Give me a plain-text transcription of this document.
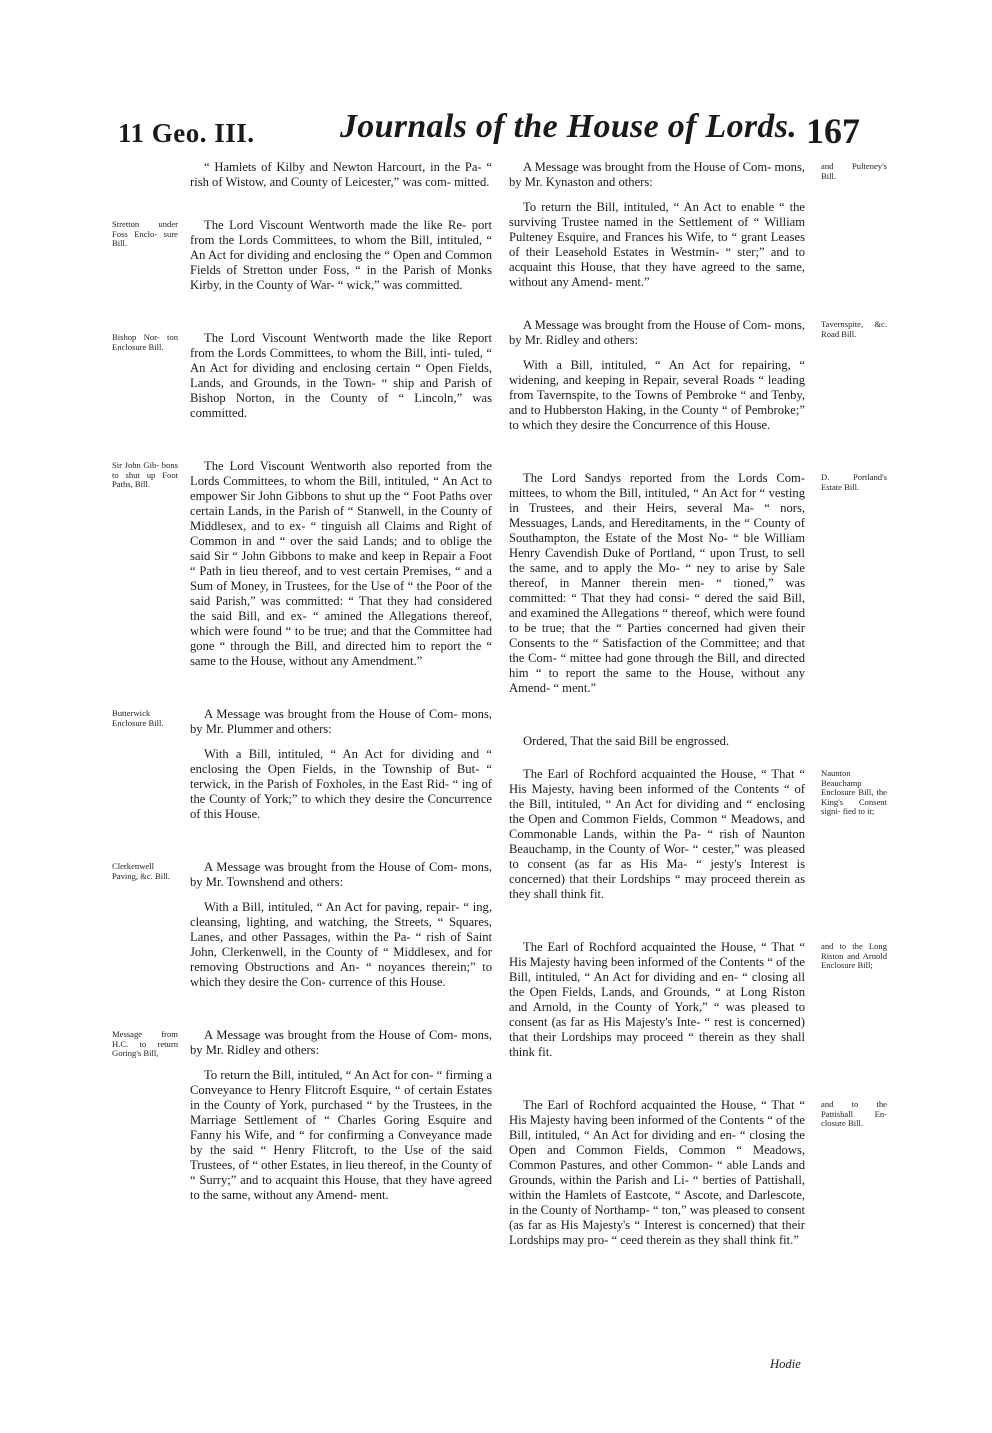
11 Geo. III.	Journals of the House of Lords. 167

“ Hamlets of Kilby and Newton Harcourt, in the Pa- “ rish of Wistow, and County of Leicester,” was com- mitted.

Stretton under Foss Enclo- sure Bill.

The Lord Viscount Wentworth made the like Re- port from the Lords Committees, to whom the Bill, intituled, “ An Act for dividing and enclosing the “ Open and Common Fields of Stretton under Foss, “ in the Parish of Monks Kirby, in the County of War- “ wick,” was committed.

Bishop Nor- ton Enclosure Bill.

The Lord Viscount Wentworth made the like Report from the Lords Committees, to whom the Bill, inti- tuled, “ An Act for dividing and enclosing certain “ Open Fields, Lands, and Grounds, in the Town- “ ship and Parish of Bishop Norton, in the County of “ Lincoln,” was committed.

Sir John Gib- bons to shut up Foot Paths, Bill.

The Lord Viscount Wentworth also reported from the Lords Committees, to whom the Bill, intituled, “ An Act to empower Sir John Gibbons to shut up the “ Foot Paths over certain Lands, in the Parish of “ Stanwell, in the County of Middlesex, and to ex- “ tinguish all Claims and Right of Common in and “ over the said Lands; and to oblige the said Sir “ John Gibbons to make and keep in Repair a Foot “ Path in lieu thereof, and to vest certain Premises, “ and a Sum of Money, in Trustees, for the Use of “ the Poor of the said Parish,” was committed: “ That they had considered the said Bill, and ex- “ amined the Allegations thereof, which were found “ to be true; and that the Committee had gone “ through the Bill, and directed him to report the “ same to the House, without any Amendment.”

Butterwick Enclosure Bill.

A Message was brought from the House of Com- mons, by Mr. Plummer and others:

With a Bill, intituled, “ An Act for dividing and “ enclosing the Open Fields, in the Township of But- “ terwick, in the Parish of Foxholes, in the East Rid- “ ing of the County of York;” to which they desire the Concurrence of this House.

Clerkenwell Paving, &c. Bill.

A Message was brought from the House of Com- mons, by Mr. Townshend and others:

With a Bill, intituled, “ An Act for paving, repair- “ ing, cleansing, lighting, and watching, the Streets, “ Squares, Lanes, and other Passages, within the Pa- “ rish of Saint John, Clerkenwell, in the County of “ Middlesex, and for removing Obstructions and An- “ noyances therein;” to which they desire the Con- currence of this House.

Message from H.C. to return Goring's Bill,

A Message was brought from the House of Com- mons, by Mr. Ridley and others:

To return the Bill, intituled, “ An Act for con- “ firming a Conveyance to Henry Flitcroft Esquire, “ of certain Estates in the County of York, purchased “ by the Trustees, in the Marriage Settlement of “ Charles Goring Esquire and Fanny his Wife, and “ for confirming a Conveyance made by the said “ Henry Flitcroft, to the Use of the said Trustees, of “ other Estates, in lieu thereof, in the County of “ Surry;” and to acquaint this House, that they have agreed to the same, without any Amend- ment.

and Pulteney's Bill.

A Message was brought from the House of Com- mons, by Mr. Kynaston and others:

To return the Bill, intituled, “ An Act to enable “ the surviving Trustee named in the Settlement of “ William Pulteney Esquire, and Frances his Wife, to “ grant Leases of their Leasehold Estates in Westmin- “ ster;” and to acquaint this House, that they have agreed to the same, without any Amend- ment.”

Tavernspite, &c. Road Bill.

A Message was brought from the House of Com- mons, by Mr. Ridley and others:

With a Bill, intituled, “ An Act for repairing, “ widening, and keeping in Repair, several Roads “ leading from Tavernspite, to the Towns of Pembroke “ and Tenby, and to Hubberston Haking, in the County “ of Pembroke;” to which they desire the Concurrence of this House.

D. Portland's Estate Bill.

The Lord Sandys reported from the Lords Com- mittees, to whom the Bill, intituled, “ An Act for “ vesting in Trustees, and their Heirs, several Ma- “ nors, Messuages, Lands, and Hereditaments, in the “ County of Southampton, the Estate of the Most No- “ ble William Henry Cavendish Duke of Portland, “ upon Trust, to sell the same, and to apply the Mo- “ ney to arise by Sale thereof, in Manner therein men- “ tioned,” was committed: “ That they had consi- “ dered the said Bill, and examined the Allegations “ thereof, which were found to be true; that the “ Parties concerned had given their Consents to the “ Satisfaction of the Committee; and that the Com- “ mittee had gone through the Bill, and directed him “ to report the same to the House, without any Amend- “ ment.”

Ordered, That the said Bill be engrossed.

Naunton Beauchamp Enclosure Bill, the King's Consent signi- fied to it;

The Earl of Rochford acquainted the House, “ That “ His Majesty, having been informed of the Contents “ of the Bill, intituled, “ An Act for dividing and “ enclosing the Open and Common Fields, Common “ Meadows, and Commonable Lands, within the Pa- “ rish of Naunton Beauchamp, in the County of Wor- “ cester,” was pleased to consent (as far as His Ma- “ jesty's Interest is concerned) that their Lordships “ may proceed therein as they shall think fit.

and to the Long Riston and Arnold Enclosure Bill;

The Earl of Rochford acquainted the House, “ That “ His Majesty having been informed of the Contents “ of the Bill, intituled, “ An Act for dividing and en- “ closing all the Open Fields, Lands, and Grounds, “ at Long Riston and Arnold, in the County of York,” “ was pleased to consent (as far as His Majesty's Inte- “ rest is concerned) that their Lordships may proceed “ therein as they shall think fit.

and to the Pattishall En- closure Bill.

The Earl of Rochford acquainted the House, “ That “ His Majesty having been informed of the Contents “ of the Bill, intituled, “ An Act for dividing and en- “ closing the Open and Common Fields, Common “ Meadows, Common Pastures, and other Common- “ able Lands and Grounds, within the Parish and Li- “ berties of Pattishall, within the Hamlets of Eastcote, “ Ascote, and Darlescote, in the County of Northamp- “ ton,” was pleased to consent (as far as His Majesty's “ Interest is concerned) that their Lordships may pro- “ ceed therein as they shall think fit.”

Hodie
